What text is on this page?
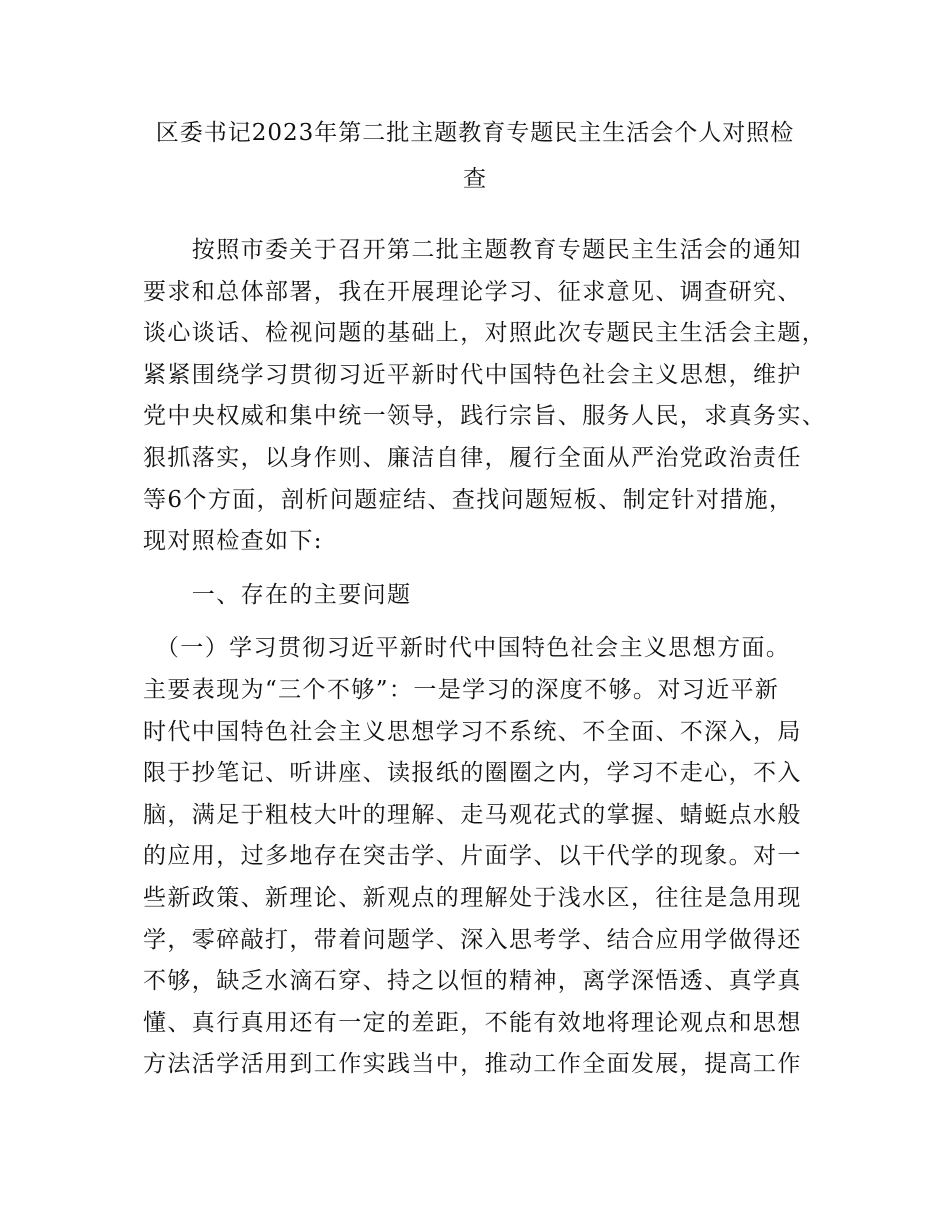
区委书记2023年第二批主题教育专题民主生活会个人对照检
查
　　按照市委关于召开第二批主题教育专题民主生活会的通知
要求和总体部署，我在开展理论学习、征求意见、调查研究、
谈心谈话、检视问题的基础上，对照此次专题民主生活会主题，
紧紧围绕学习贯彻习近平新时代中国特色社会主义思想，维护
党中央权威和集中统一领导，践行宗旨、服务人民，求真务实、
狠抓落实，以身作则、廉洁自律，履行全面从严治党政治责任
等6个方面，剖析问题症结、查找问题短板、制定针对措施，
现对照检查如下:
　　一、存在的主要问题
　（一）学习贯彻习近平新时代中国特色社会主义思想方面。
主要表现为“三个不够”：一是学习的深度不够。对习近平新
时代中国特色社会主义思想学习不系统、不全面、不深入，局
限于抄笔记、听讲座、读报纸的圈圈之内，学习不走心，不入
脑，满足于粗枝大叶的理解、走马观花式的掌握、蜻蜓点水般
的应用，过多地存在突击学、片面学、以干代学的现象。对一
些新政策、新理论、新观点的理解处于浅水区，往往是急用现
学，零碎敲打，带着问题学、深入思考学、结合应用学做得还
不够，缺乏水滴石穿、持之以恒的精神，离学深悟透、真学真
懂、真行真用还有一定的差距，不能有效地将理论观点和思想
方法活学活用到工作实践当中，推动工作全面发展，提高工作
